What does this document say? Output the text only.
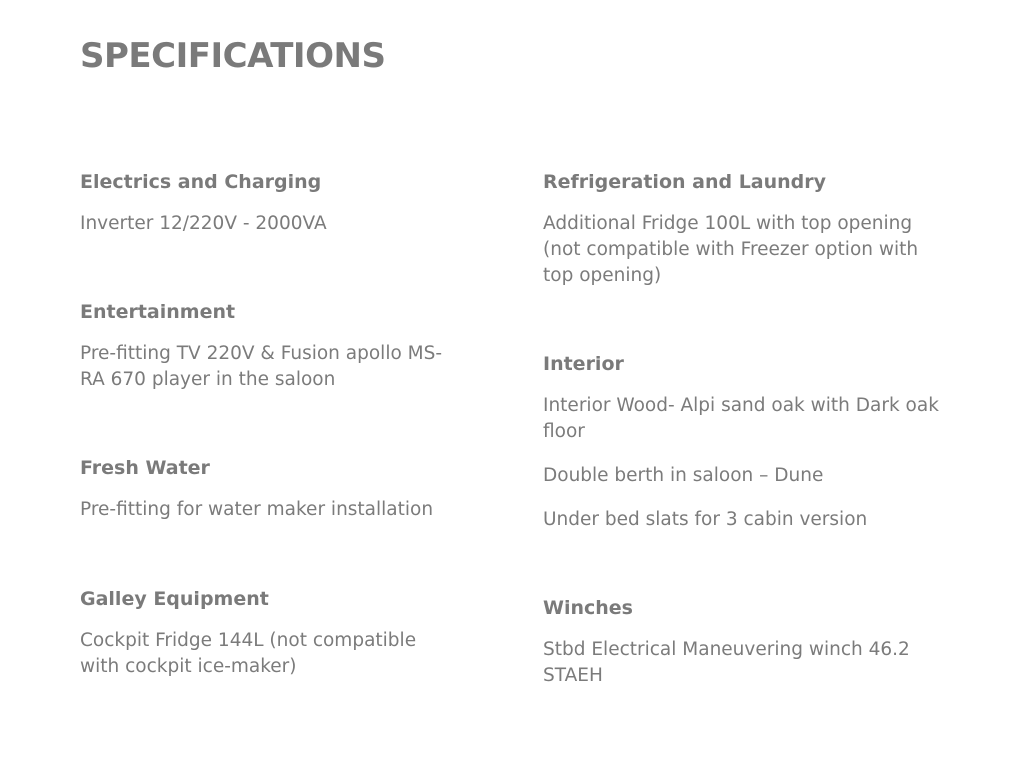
SPECIFICATIONS
Electrics and Charging

Inverter 12/220V - 2000VA

Entertainment

Pre-fitting TV 220V & Fusion apollo MS-RA 670 player in the saloon

Fresh Water

Pre-fitting for water maker installation

Galley Equipment

Cockpit Fridge 144L (not compatible with cockpit ice-maker)

Refrigeration and Laundry

Additional Fridge 100L with top opening (not compatible with Freezer option with top opening)

Interior

Interior Wood- Alpi sand oak with Dark oak floor

Double berth in saloon – Dune

Under bed slats for 3 cabin version

Winches

Stbd Electrical Maneuvering winch 46.2 STAEH
